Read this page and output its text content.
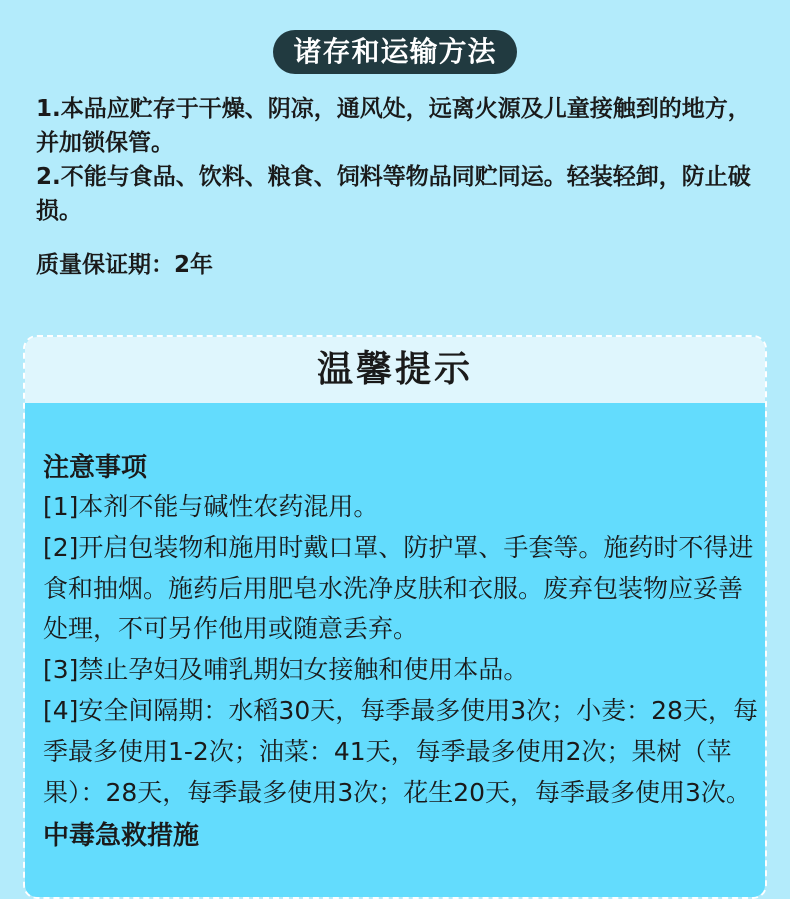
诸存和运输方法

1.本品应贮存于干燥、阴凉，通风处，远离火源及儿童接触到的地方，并加锁保管。

2.不能与食品、饮料、粮食、饲料等物品同贮同运。轻装轻卸，防止破损。

质量保证期：2年

温馨提示

注意事项

[1]本剂不能与碱性农药混用。

[2]开启包装物和施用时戴口罩、防护罩、手套等。施药时不得进食和抽烟。施药后用肥皂水洗净皮肤和衣服。废弃包装物应妥善处理，不可另作他用或随意丢弃。

[3]禁止孕妇及哺乳期妇女接触和使用本品。

[4]安全间隔期：水稻30天，每季最多使用3次；小麦：28天，每季最多使用1-2次；油菜：41天，每季最多使用2次；果树（苹果）：28天，每季最多使用3次；花生20天，每季最多使用3次。

中毒急救措施
